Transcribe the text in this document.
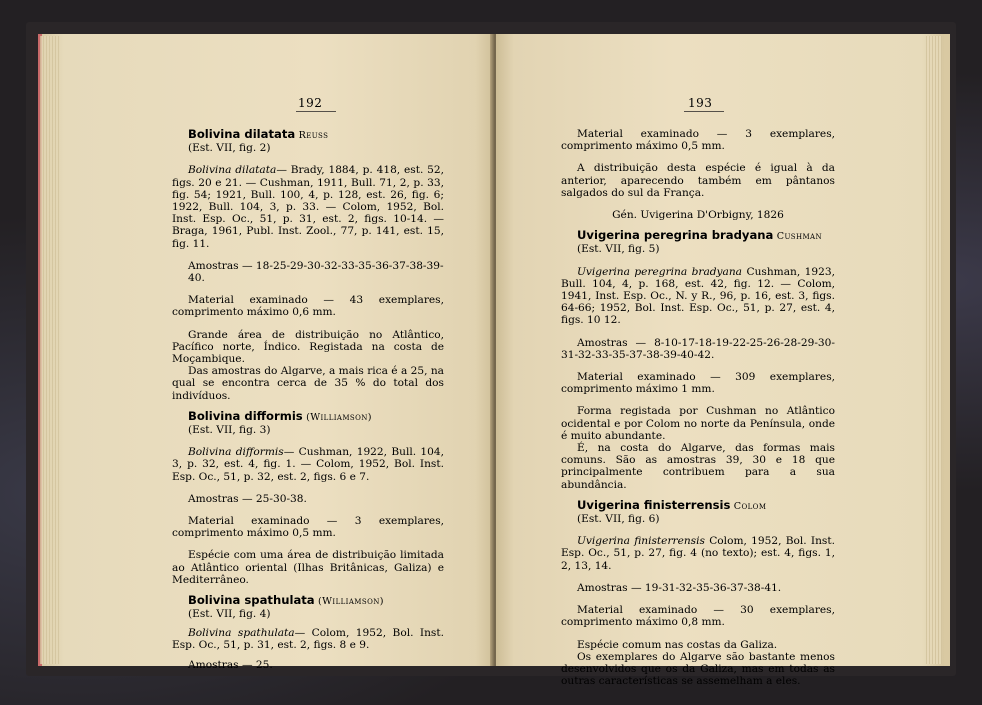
192

Bolivina dilatata Reuss

(Est. VII, fig. 2)

Bolivina dilatata— Brady, 1884, p. 418, est. 52, figs. 20 e 21. — Cushman, 1911, Bull. 71, 2, p. 33, fig. 54; 1921, Bull. 100, 4, p. 128, est. 26, fig. 6; 1922, Bull. 104, 3, p. 33. — Colom, 1952, Bol. Inst. Esp. Oc., 51, p. 31, est. 2, figs. 10-14. — Braga, 1961, Publ. Inst. Zool., 77, p. 141, est. 15, fig. 11.

Amostras — 18-25-29-30-32-33-35-36-37-38-39-40.

Material examinado — 43 exemplares, comprimento máximo 0,6 mm.

Grande área de distribuição no Atlântico, Pacífico norte, Índico. Registada na costa de Moçambique.

Das amostras do Algarve, a mais rica é a 25, na qual se encontra cerca de 35 % do total dos indivíduos.

Bolivina difformis (Williamson)

(Est. VII, fig. 3)

Bolivina difformis— Cushman, 1922, Bull. 104, 3, p. 32, est. 4, fig. 1. — Colom, 1952, Bol. Inst. Esp. Oc., 51, p. 32, est. 2, figs. 6 e 7.

Amostras — 25-30-38.

Material examinado — 3 exemplares, comprimento máximo 0,5 mm.

Espécie com uma área de distribuição limitada ao Atlântico oriental (Ilhas Britânicas, Galiza) e Mediterrâneo.

Bolivina spathulata (Williamson)

(Est. VII, fig. 4)

Bolivina spathulata— Colom, 1952, Bol. Inst. Esp. Oc., 51, p. 31, est. 2, figs. 8 e 9.

Amostras — 25.

193

Material examinado — 3 exemplares, comprimento máximo 0,5 mm.

A distribuição desta espécie é igual à da anterior, aparecendo também em pântanos salgados do sul da França.

Gén. Uvigerina D'Orbigny, 1826

Uvigerina peregrina bradyana Cushman

(Est. VII, fig. 5)

Uvigerina peregrina bradyana Cushman, 1923, Bull. 104, 4, p. 168, est. 42, fig. 12. — Colom, 1941, Inst. Esp. Oc., N. y R., 96, p. 16, est. 3, figs. 64-66; 1952, Bol. Inst. Esp. Oc., 51, p. 27, est. 4, figs. 10 12.

Amostras — 8-10-17-18-19-22-25-26-28-29-30-31-32-33-35-37-38-39-40-42.

Material examinado — 309 exemplares, comprimento máximo 1 mm.

Forma registada por Cushman no Atlântico ocidental e por Colom no norte da Península, onde é muito abundante.

É, na costa do Algarve, das formas mais comuns. São as amostras 39, 30 e 18 que principalmente contribuem para a sua abundância.

Uvigerina finisterrensis Colom

(Est. VII, fig. 6)

Uvigerina finisterrensis Colom, 1952, Bol. Inst. Esp. Oc., 51, p. 27, fig. 4 (no texto); est. 4, figs. 1, 2, 13, 14.

Amostras — 19-31-32-35-36-37-38-41.

Material examinado — 30 exemplares, comprimento máximo 0,8 mm.

Espécie comum nas costas da Galiza.

Os exemplares do Algarve são bastante menos desenvolvidos que os da Galiza, mas em todas as outras características se assemelham a eles.
